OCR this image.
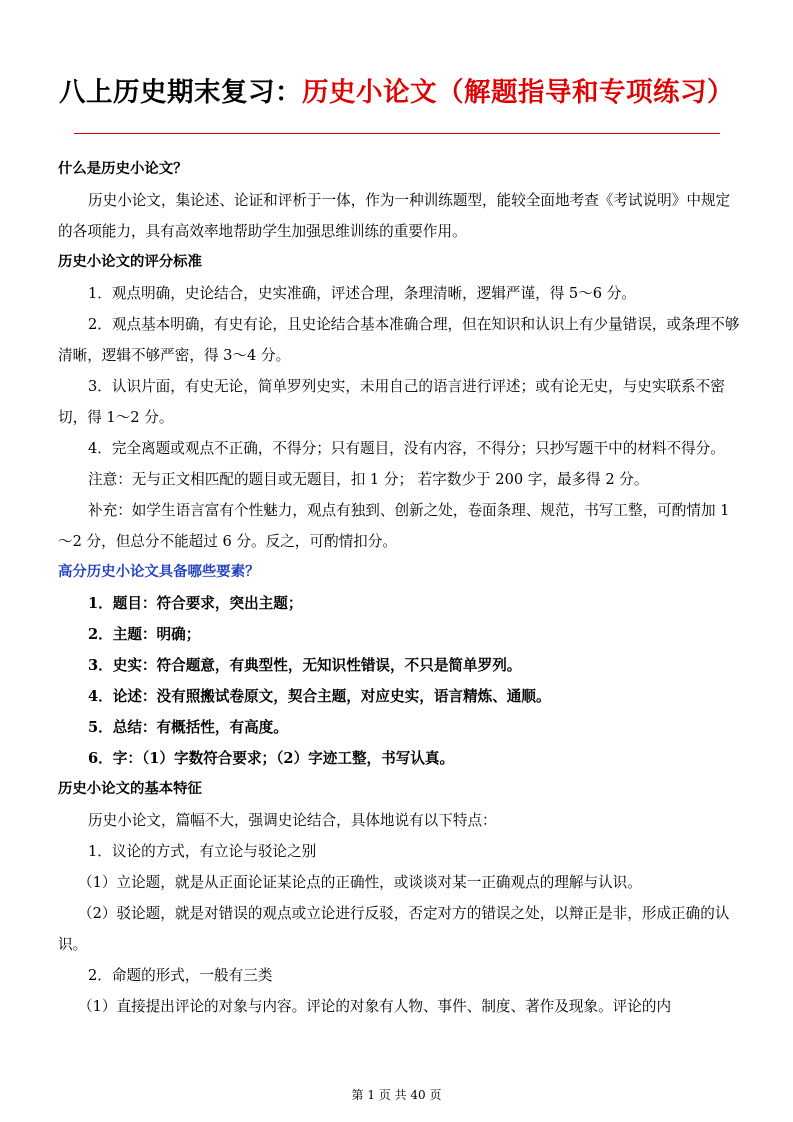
八上历史期末复习：历史小论文（解题指导和专项练习）

什么是历史小论文？

历史小论文，集论述、论证和评析于一体，作为一种训练题型，能较全面地考查《考试说明》中规定的各项能力，具有高效率地帮助学生加强思维训练的重要作用。

历史小论文的评分标准

1．观点明确，史论结合，史实准确，评述合理，条理清晰，逻辑严谨，得 5～6 分。

2．观点基本明确，有史有论，且史论结合基本准确合理，但在知识和认识上有少量错误，或条理不够清晰，逻辑不够严密，得 3～4 分。

3．认识片面，有史无论，简单罗列史实，未用自己的语言进行评述；或有论无史，与史实联系不密切，得 1～2 分。

4．完全离题或观点不正确，不得分；只有题目，没有内容，不得分；只抄写题干中的材料不得分。

注意：无与正文相匹配的题目或无题目，扣 1 分； 若字数少于 200 字，最多得 2 分。

补充：如学生语言富有个性魅力，观点有独到、创新之处，卷面条理、规范，书写工整，可酌情加 1～2 分，但总分不能超过 6 分。反之，可酌情扣分。

高分历史小论文具备哪些要素？

1．题目：符合要求，突出主题；

2．主题：明确；

3．史实：符合题意，有典型性，无知识性错误，不只是简单罗列。

4．论述：没有照搬试卷原文，契合主题，对应史实，语言精炼、通顺。

5．总结：有概括性，有高度。

6．字：（1）字数符合要求；（2）字迹工整，书写认真。

历史小论文的基本特征

历史小论文，篇幅不大，强调史论结合，具体地说有以下特点：

1．议论的方式，有立论与驳论之别

（1）立论题，就是从正面论证某论点的正确性，或谈谈对某一正确观点的理解与认识。

（2）驳论题，就是对错误的观点或立论进行反驳，否定对方的错误之处，以辩正是非，形成正确的认识。

2．命题的形式，一般有三类

（1）直接提出评论的对象与内容。评论的对象有人物、事件、制度、著作及现象。评论的内

第 1 页 共 40 页
